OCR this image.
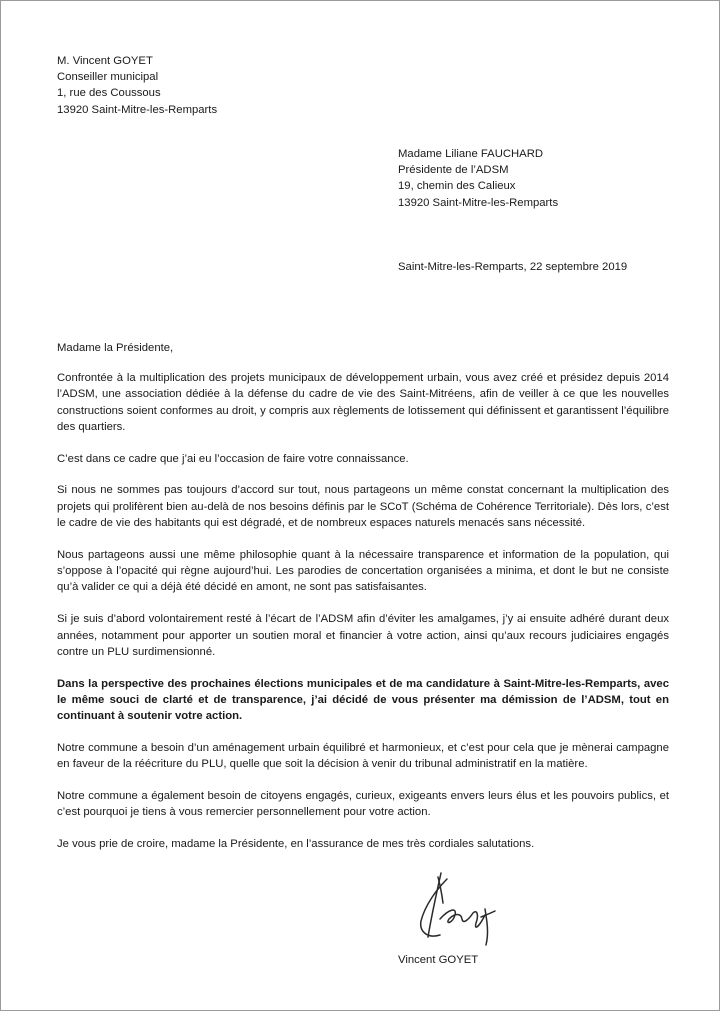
M. Vincent GOYET
Conseiller municipal
1, rue des Coussous
13920 Saint-Mitre-les-Remparts
Madame Liliane FAUCHARD
Présidente de l’ADSM
19, chemin des Calieux
13920 Saint-Mitre-les-Remparts
Saint-Mitre-les-Remparts, 22 septembre 2019
Madame la Présidente,

Confrontée à la multiplication des projets municipaux de développement urbain, vous avez créé et présidez depuis 2014 l’ADSM, une association dédiée à la défense du cadre de vie des Saint-Mitréens, afin de veiller à ce que les nouvelles constructions soient conformes au droit, y compris aux règlements de lotissement qui définissent et garantissent l’équilibre des quartiers.

C’est dans ce cadre que j’ai eu l’occasion de faire votre connaissance.

Si nous ne sommes pas toujours d’accord sur tout, nous partageons un même constat concernant la multiplication des projets qui prolifèrent bien au-delà de nos besoins définis par le SCoT (Schéma de Cohérence Territoriale). Dès lors, c’est le cadre de vie des habitants qui est dégradé, et de nombreux espaces naturels menacés sans nécessité.

Nous partageons aussi une même philosophie quant à la nécessaire transparence et information de la population, qui s’oppose à l’opacité qui règne aujourd’hui. Les parodies de concertation organisées a minima, et dont le but ne consiste qu’à valider ce qui a déjà été décidé en amont, ne sont pas satisfaisantes.

Si je suis d’abord volontairement resté à l’écart de l’ADSM afin d’éviter les amalgames, j’y ai ensuite adhéré durant deux années, notamment pour apporter un soutien moral et financier à votre action, ainsi qu’aux recours judiciaires engagés contre un PLU surdimensionné.

Dans la perspective des prochaines élections municipales et de ma candidature à Saint-Mitre-les-Remparts, avec le même souci de clarté et de transparence, j’ai décidé de vous présenter ma démission de l’ADSM, tout en continuant à soutenir votre action.

Notre commune a besoin d’un aménagement urbain équilibré et harmonieux, et c’est pour cela que je mènerai campagne en faveur de la réécriture du PLU, quelle que soit la décision à venir du tribunal administratif en la matière.

Notre commune a également besoin de citoyens engagés, curieux, exigeants envers leurs élus et les pouvoirs publics, et c’est pourquoi je tiens à vous remercier personnellement pour votre action.

Je vous prie de croire, madame la Présidente, en l’assurance de mes très cordiales salutations.

Vincent GOYET
